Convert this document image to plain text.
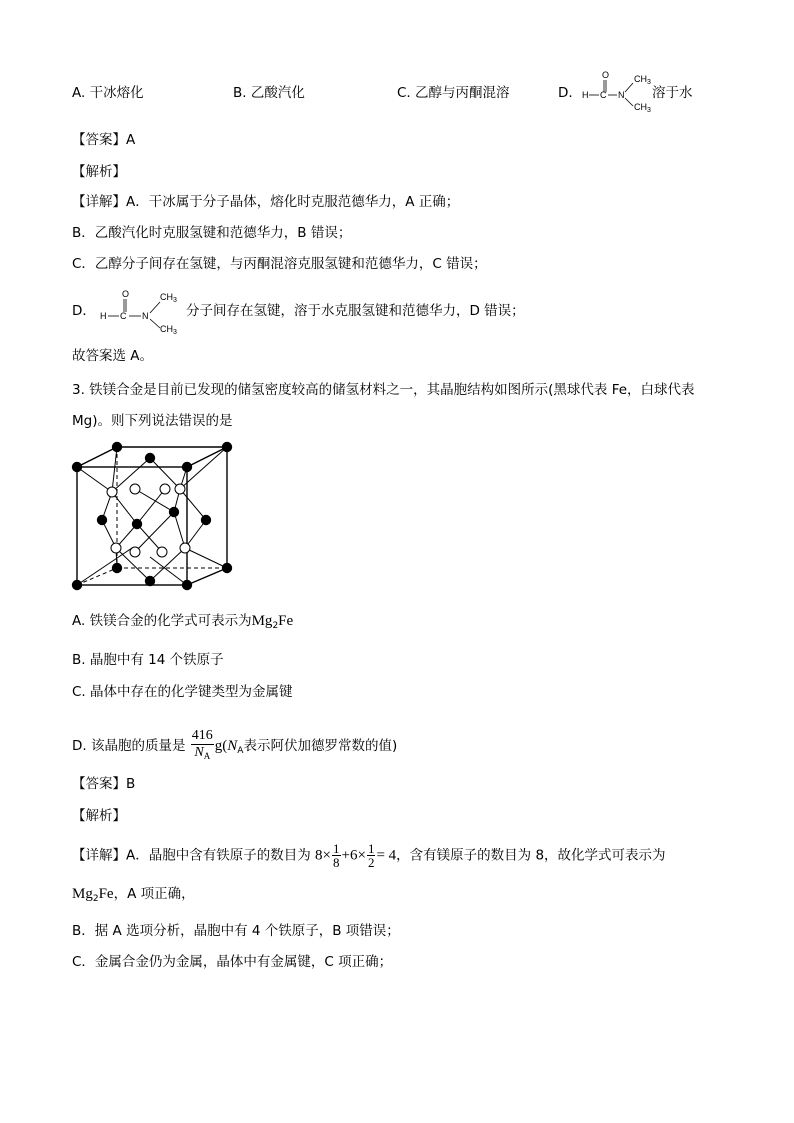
A. 干冰熔化	B. 乙酸汽化	C. 乙醇与丙酮混溶	D.
O
H C N
$CH_3$
$CH_3$
溶于水
【答案】A
【解析】
【详解】A．干冰属于分子晶体，熔化时克服范德华力，A 正确；
B．乙酸汽化时克服氢键和范德华力，B 错误；
C．乙醇分子间存在氢键，与丙酮混溶克服氢键和范德华力，C 错误；
D．
O
H C N
$CH_3$
$CH_3$
分子间存在氢键，溶于水克服氢键和范德华力，D 错误；
故答案选 A。
3. 铁镁合金是目前已发现的储氢密度较高的储氢材料之一，其晶胞结构如图所示(黑球代表 Fe，白球代表
Mg)。则下列说法错误的是
A. 铁镁合金的化学式可表示为$Mg_2Fe$
B. 晶胞中有 14 个铁原子
C. 晶体中存在的化学键类型为金属键
D. 该晶胞的质量是 $\frac{416}{N_A} g(N_A$表示阿伏加德罗常数的值)
【答案】B
【解析】
【详解】A．晶胞中含有铁原子的数目为 $8\times \frac{1}{8} +6\times \frac{1}{2} = 4$，含有镁原子的数目为 8，故化学式可表示为
$Mg_2Fe$，A 项正确，
B．据 A 选项分析，晶胞中有 4 个铁原子，B 项错误；
C．金属合金仍为金属，晶体中有金属键，C 项正确；
